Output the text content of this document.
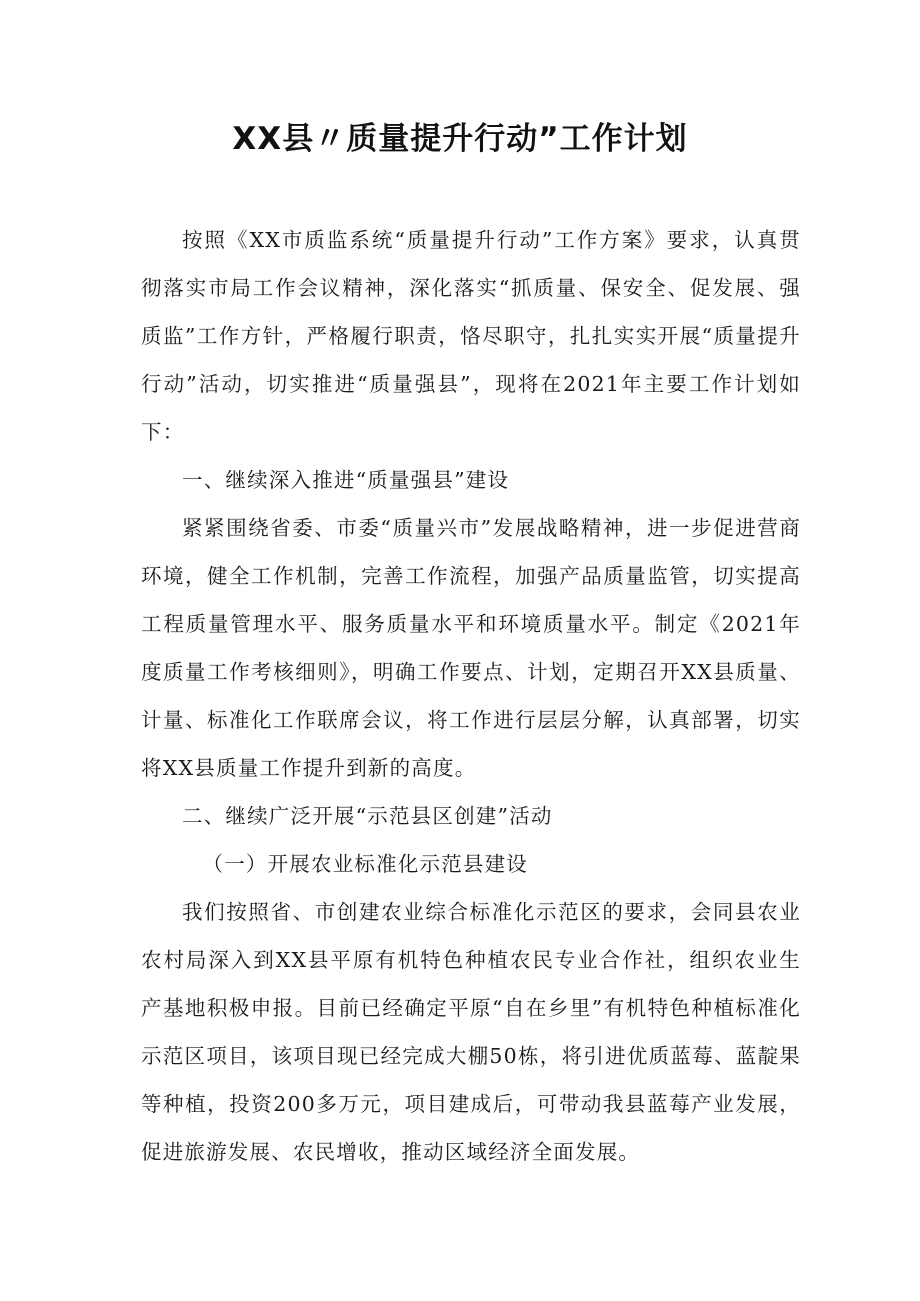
XX县〃质量提升行动”工作计划

按照《XX市质监系统“质量提升行动”工作方案》要求，认真贯彻落实市局工作会议精神，深化落实“抓质量、保安全、促发展、强质监”工作方针，严格履行职责，恪尽职守，扎扎实实开展“质量提升行动”活动，切实推进“质量强县”，现将在2021年主要工作计划如下：

一、继续深入推进“质量强县”建设

紧紧围绕省委、市委“质量兴市”发展战略精神，进一步促进营商环境，健全工作机制，完善工作流程，加强产品质量监管，切实提高工程质量管理水平、服务质量水平和环境质量水平。制定《2021年度质量工作考核细则》，明确工作要点、计划，定期召开XX县质量、计量、标准化工作联席会议，将工作进行层层分解，认真部署，切实将XX县质量工作提升到新的高度。

二、继续广泛开展“示范县区创建”活动

（一）开展农业标准化示范县建设

我们按照省、市创建农业综合标准化示范区的要求，会同县农业农村局深入到XX县平原有机特色种植农民专业合作社，组织农业生产基地积极申报。目前已经确定平原“自在乡里”有机特色种植标准化示范区项目，该项目现已经完成大棚50栋，将引进优质蓝莓、蓝靛果等种植，投资200多万元，项目建成后，可带动我县蓝莓产业发展，促进旅游发展、农民增收，推动区域经济全面发展。
